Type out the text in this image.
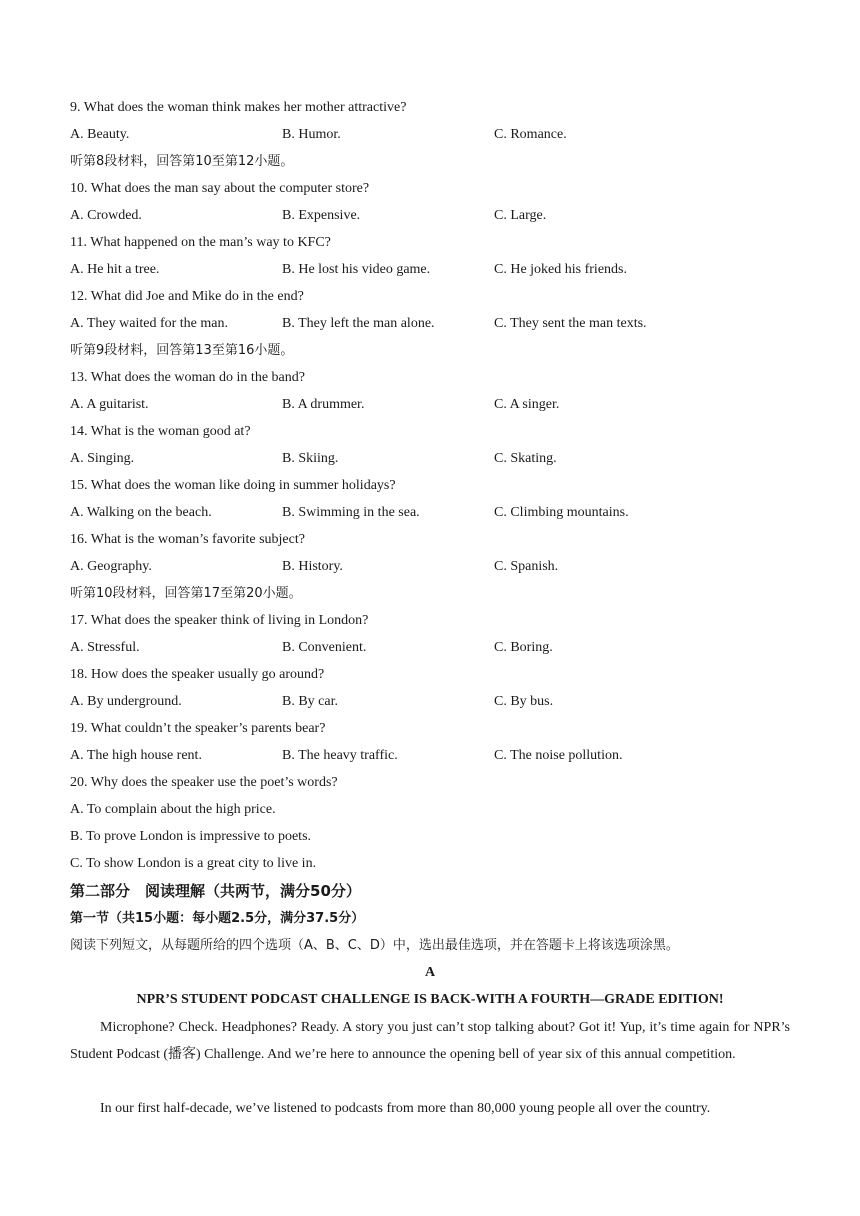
9. What does the woman think makes her mother attractive?
A. Beauty.	B. Humor.	C. Romance.
听第8段材料，回答第10至第12小题。
10. What does the man say about the computer store?
A. Crowded.	B. Expensive.	C. Large.
11. What happened on the man’s way to KFC?
A. He hit a tree.	B. He lost his video game.	C. He joked his friends.
12. What did Joe and Mike do in the end?
A. They waited for the man.	B. They left the man alone.	C. They sent the man texts.
听第9段材料，回答第13至第16小题。
13. What does the woman do in the band?
A. A guitarist.	B. A drummer.	C. A singer.
14. What is the woman good at?
A. Singing.	B. Skiing.	C. Skating.
15. What does the woman like doing in summer holidays?
A. Walking on the beach.	B. Swimming in the sea.	C. Climbing mountains.
16. What is the woman’s favorite subject?
A. Geography.	B. History.	C. Spanish.
听第10段材料，回答第17至第20小题。
17. What does the speaker think of living in London?
A. Stressful.	B. Convenient.	C. Boring.
18. How does the speaker usually go around?
A. By underground.	B. By car.	C. By bus.
19. What couldn’t the speaker’s parents bear?
A. The high house rent.	B. The heavy traffic.	C. The noise pollution.
20. Why does the speaker use the poet’s words?
A. To complain about the high price.
B. To prove London is impressive to poets.
C. To show London is a great city to live in.
第二部分　阅读理解（共两节，满分50分）
第一节（共15小题：每小题2.5分，满分37.5分）
阅读下列短文，从每题所给的四个选项（A、B、C、D）中，选出最佳选项，并在答题卡上将该选项涂黑。
A
NPR’S STUDENT PODCAST CHALLENGE IS BACK-WITH A FOURTH—GRADE EDITION!
Microphone? Check. Headphones? Ready. A story you just can’t stop talking about? Got it! Yup, it’s time again for NPR’s Student Podcast (播客) Challenge. And we’re here to announce the opening bell of year six of this annual competition.
In our first half-decade, we’ve listened to podcasts from more than 80,000 young people all over the country.
